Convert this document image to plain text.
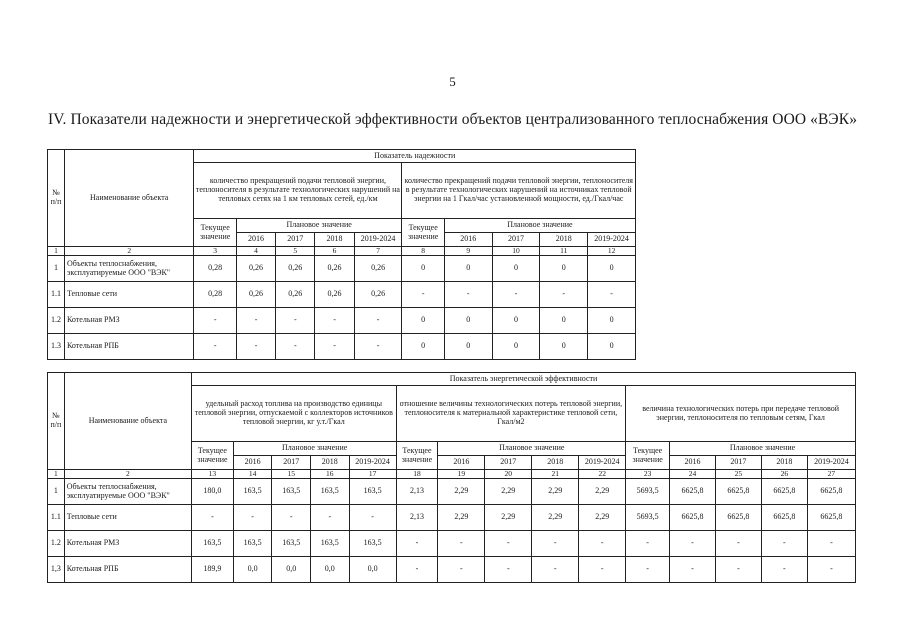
5
IV. Показатели надежности и энергетической эффективности объектов централизованного теплоснабжения ООО «ВЭК»
№ п/п	Наименование объекта	Показатель надежности									
		количество прекращений подачи тепловой энергии, теплоносителя в результате технологических нарушений на тепловых сетях на 1 км тепловых сетей, ед./км					количество прекращений подачи тепловой энергии, теплоносителя в результате технологических нарушений на источниках тепловой энергии на 1 Гкал/час установленной мощности, ед./Гкал/час				
		Текущее значение	Плановое значение				Текущее значение	Плановое значение			
			2016	2017	2018	2019-2024		2016	2017	2018	2019-2024
1	2	3	4	5	6	7	8	9	10	11	12
1	Объекты теплоснабжения, эксплуатируемые ООО "ВЭК"	0,28	0,26	0,26	0,26	0,26	0	0	0	0	0
1.1	Тепловые сети	0,28	0,26	0,26	0,26	0,26	-	-	-	-	-
1.2	Котельная РМЗ	-	-	-	-	-	0	0	0	0	0
1.3	Котельная РПБ	-	-	-	-	-	0	0	0	0	0
№ п/п	Наименование объекта	Показатель энергетической эффективности														
		удельный расход топлива на производство единицы тепловой энергии, отпускаемой с коллекторов источников тепловой энергии, кг у.т./Гкал					отношение величины технологических потерь тепловой энергии, теплоносителя к материальной характеристике тепловой сети, Гкал/м2					величина технологических потерь при передаче тепловой энергии, теплоносителя по тепловым сетям, Гкал				
		Текущее значение	Плановое значение				Текущее значение	Плановое значение				Текущее значение	Плановое значение			
			2016	2017	2018	2019-2024		2016	2017	2018	2019-2024		2016	2017	2018	2019-2024
1	2	13	14	15	16	17	18	19	20	21	22	23	24	25	26	27
1	Объекты теплоснабжения, эксплуатируемые ООО "ВЭК"	180,0	163,5	163,5	163,5	163,5	2,13	2,29	2,29	2,29	2,29	5693,5	6625,8	6625,8	6625,8	6625,8
1.1	Тепловые сети	-	-	-	-	-	2,13	2,29	2,29	2,29	2,29	5693,5	6625,8	6625,8	6625,8	6625,8
1.2	Котельная РМЗ	163,5	163,5	163,5	163,5	163,5	-	-	-	-	-	-	-	-	-	-
1,3	Котельная РПБ	189,9	0,0	0,0	0,0	0,0	-	-	-	-	-	-	-	-	-	-
